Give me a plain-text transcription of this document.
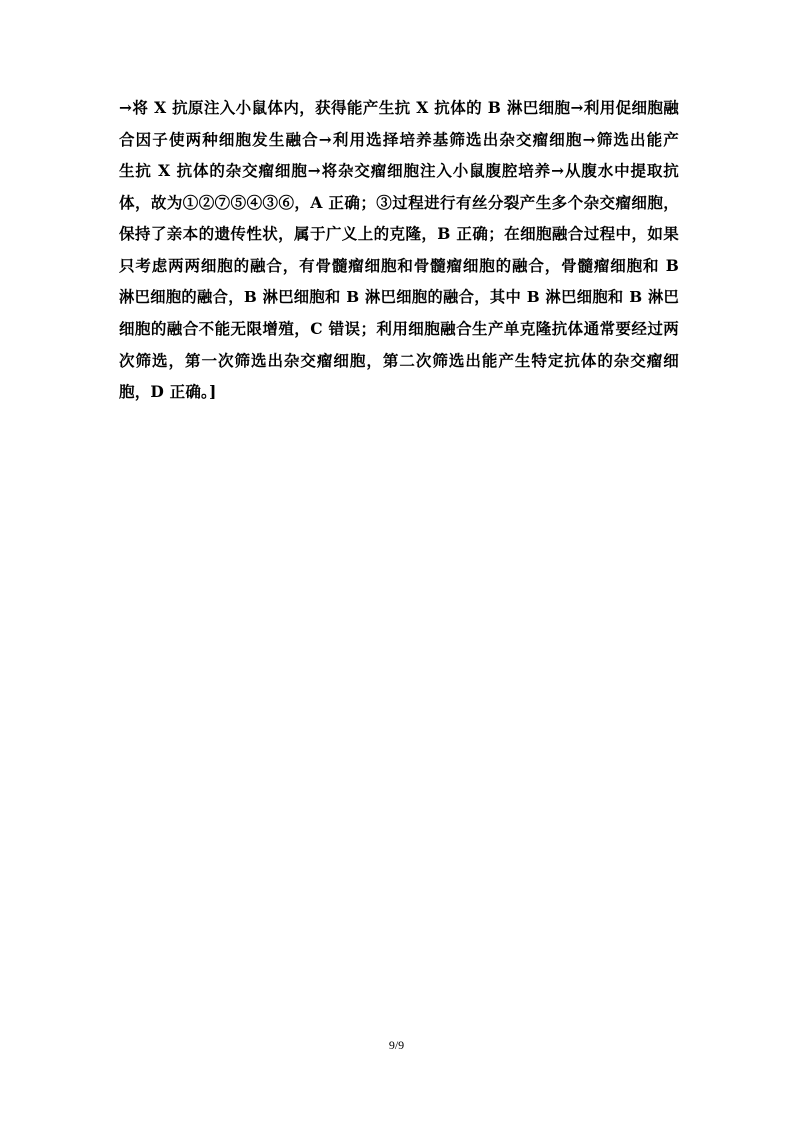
→将 X 抗原注入小鼠体内，获得能产生抗 X 抗体的 B 淋巴细胞→利用促细胞融
合因子使两种细胞发生融合→利用选择培养基筛选出杂交瘤细胞→筛选出能产
生抗 X 抗体的杂交瘤细胞→将杂交瘤细胞注入小鼠腹腔培养→从腹水中提取抗
体，故为①②⑦⑤④③⑥，A 正确；③过程进行有丝分裂产生多个杂交瘤细胞，
保持了亲本的遗传性状，属于广义上的克隆，B 正确；在细胞融合过程中，如果
只考虑两两细胞的融合，有骨髓瘤细胞和骨髓瘤细胞的融合，骨髓瘤细胞和 B
淋巴细胞的融合，B 淋巴细胞和 B 淋巴细胞的融合，其中 B 淋巴细胞和 B 淋巴
细胞的融合不能无限增殖，C 错误；利用细胞融合生产单克隆抗体通常要经过两
次筛选，第一次筛选出杂交瘤细胞，第二次筛选出能产生特定抗体的杂交瘤细
胞，D 正确。]
9/9
